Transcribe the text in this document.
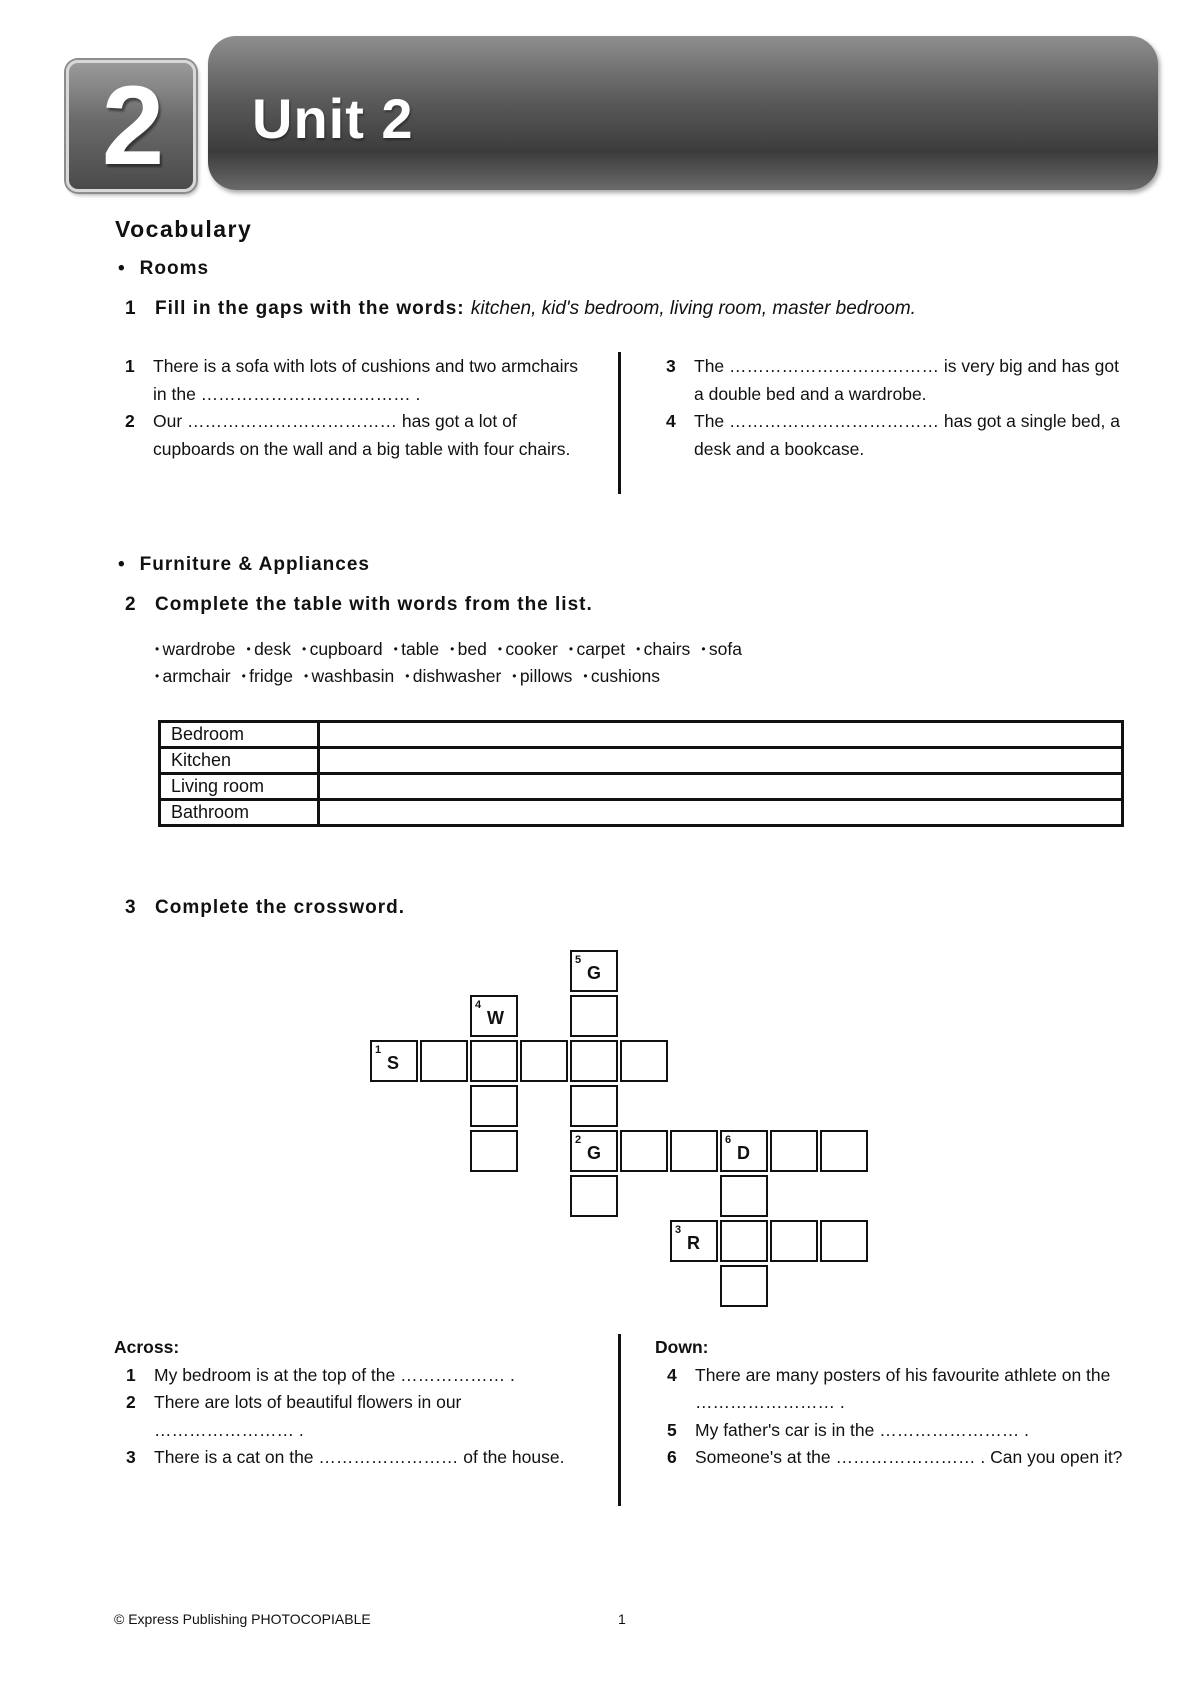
2 Unit 2
Vocabulary
• Rooms
1 Fill in the gaps with the words: kitchen, kid's bedroom, living room, master bedroom.
1	There is a sofa with lots of cushions and two armchairs in the ……………………………… .
2	Our ……………………………… has got a lot of cupboards on the wall and a big table with four chairs.
3	The ……………………………… is very big and has got a double bed and a wardrobe.
4	The ……………………………… has got a single bed, a desk and a bookcase.
• Furniture & Appliances
2 Complete the table with words from the list.
• wardrobe • desk • cupboard • table • bed • cooker • carpet • chairs • sofa
• armchair • fridge • washbasin • dishwasher • pillows • cushions
Bedroom	
Kitchen	
Living room	
Bathroom	
3 Complete the crossword.
5
G
4
W
1
S
2
G
6
D
3
R
Across:
1	My bedroom is at the top of the ……………… .
2	There are lots of beautiful flowers in our …………………… .
3	There is a cat on the …………………… of the house.
Down:
4	There are many posters of his favourite athlete on the …………………… .
5	My father's car is in the …………………… .
6	Someone's at the …………………… . Can you open it?
© Express Publishing PHOTOCOPIABLE	1
